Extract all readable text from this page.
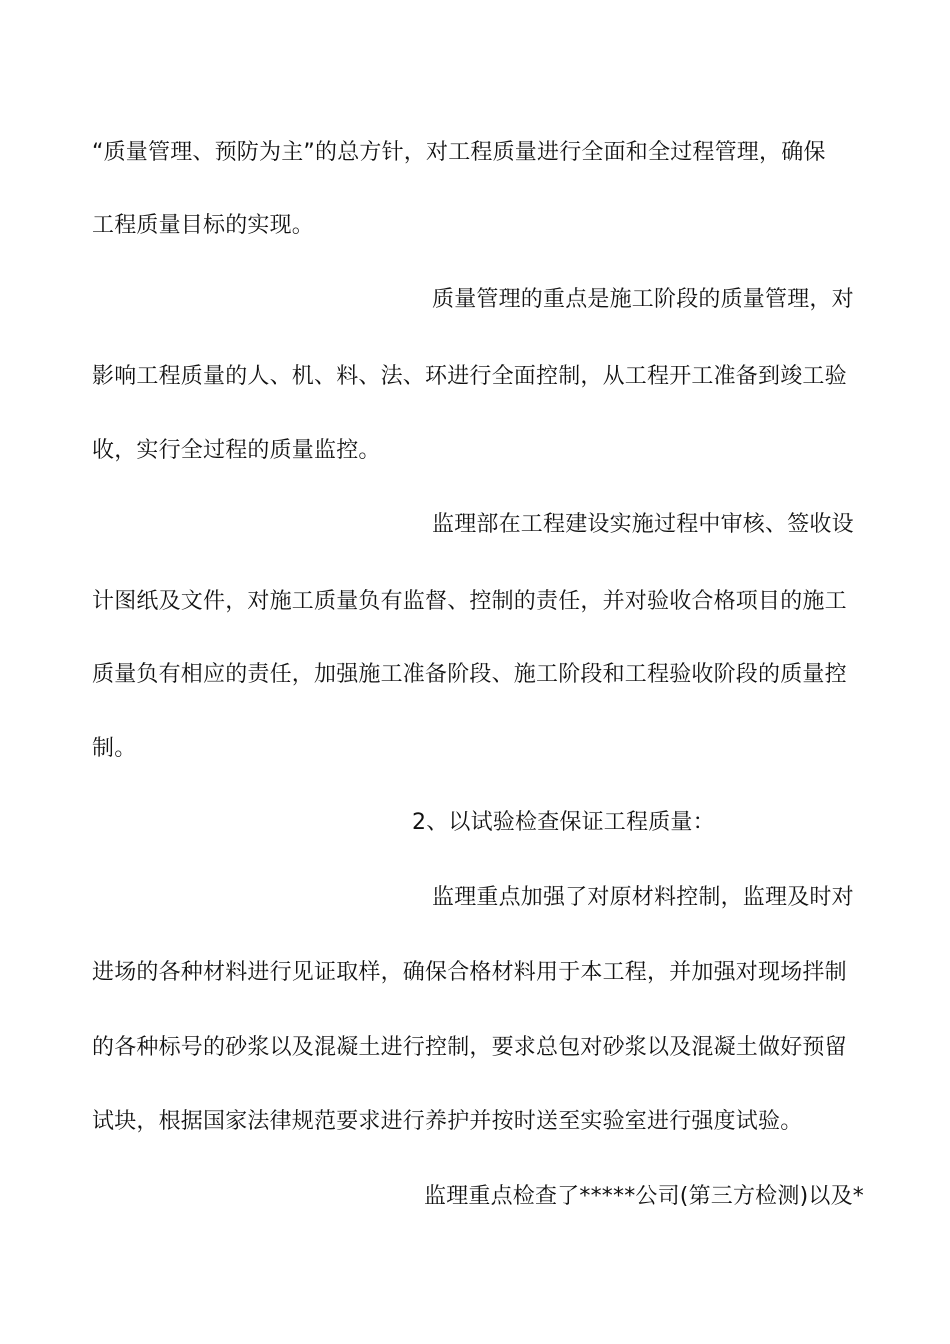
“质量管理、预防为主”的总方针，对工程质量进行全面和全过程管理，确保
工程质量目标的实现。
质量管理的重点是施工阶段的质量管理，对
影响工程质量的人、机、料、法、环进行全面控制，从工程开工准备到竣工验
收，实行全过程的质量监控。
监理部在工程建设实施过程中审核、签收设
计图纸及文件，对施工质量负有监督、控制的责任，并对验收合格项目的施工
质量负有相应的责任，加强施工准备阶段、施工阶段和工程验收阶段的质量控
制。
2、以试验检查保证工程质量：
监理重点加强了对原材料控制，监理及时对
进场的各种材料进行见证取样，确保合格材料用于本工程，并加强对现场拌制
的各种标号的砂浆以及混凝土进行控制，要求总包对砂浆以及混凝土做好预留
试块，根据国家法律规范要求进行养护并按时送至实验室进行强度试验。
监理重点检查了*****公司(第三方检测)以及*
